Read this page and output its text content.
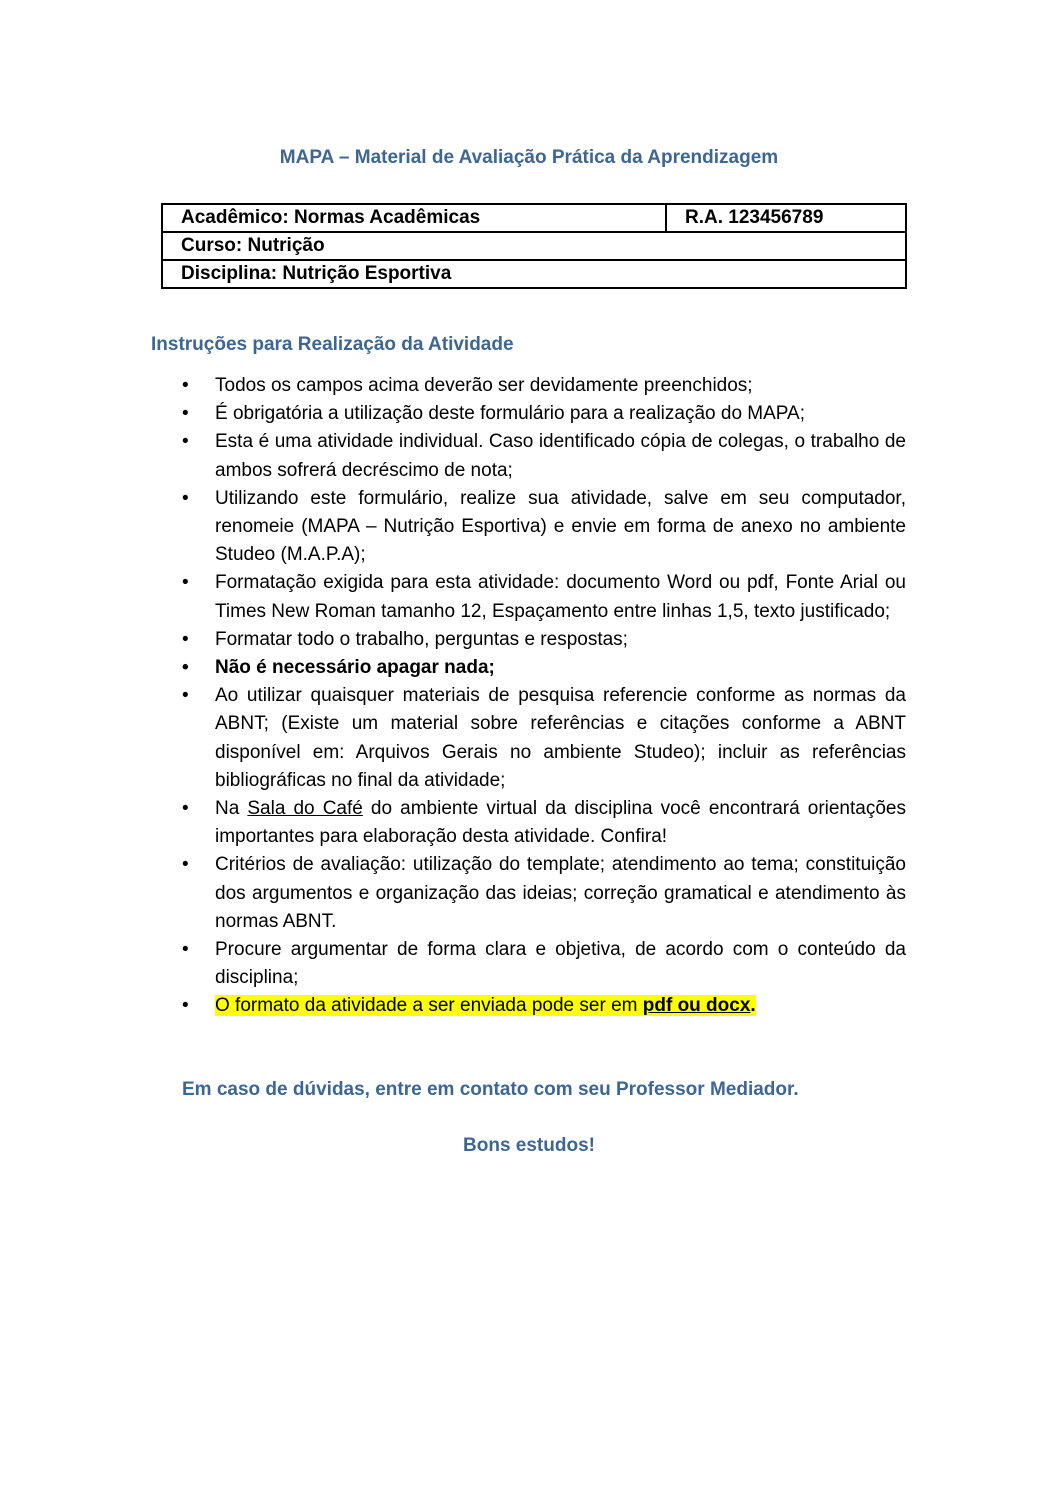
MAPA – Material de Avaliação Prática da Aprendizagem
Acadêmico: Normas Acadêmicas	R.A. 123456789
Curso: Nutrição
Disciplina: Nutrição Esportiva
Instruções para Realização da Atividade
• Todos os campos acima deverão ser devidamente preenchidos;
• É obrigatória a utilização deste formulário para a realização do MAPA;
• Esta é uma atividade individual. Caso identificado cópia de colegas, o trabalho de ambos sofrerá decréscimo de nota;
• Utilizando este formulário, realize sua atividade, salve em seu computador, renomeie (MAPA – Nutrição Esportiva) e envie em forma de anexo no ambiente Studeo (M.A.P.A);
• Formatação exigida para esta atividade: documento Word ou pdf, Fonte Arial ou Times New Roman tamanho 12, Espaçamento entre linhas 1,5, texto justificado;
• Formatar todo o trabalho, perguntas e respostas;
• Não é necessário apagar nada;
• Ao utilizar quaisquer materiais de pesquisa referencie conforme as normas da ABNT; (Existe um material sobre referências e citações conforme a ABNT disponível em: Arquivos Gerais no ambiente Studeo); incluir as referências bibliográficas no final da atividade;
• Na Sala do Café do ambiente virtual da disciplina você encontrará orientações importantes para elaboração desta atividade. Confira!
• Critérios de avaliação: utilização do template; atendimento ao tema; constituição dos argumentos e organização das ideias; correção gramatical e atendimento às normas ABNT.
• Procure argumentar de forma clara e objetiva, de acordo com o conteúdo da disciplina;
• O formato da atividade a ser enviada pode ser em pdf ou docx.
Em caso de dúvidas, entre em contato com seu Professor Mediador.
Bons estudos!
